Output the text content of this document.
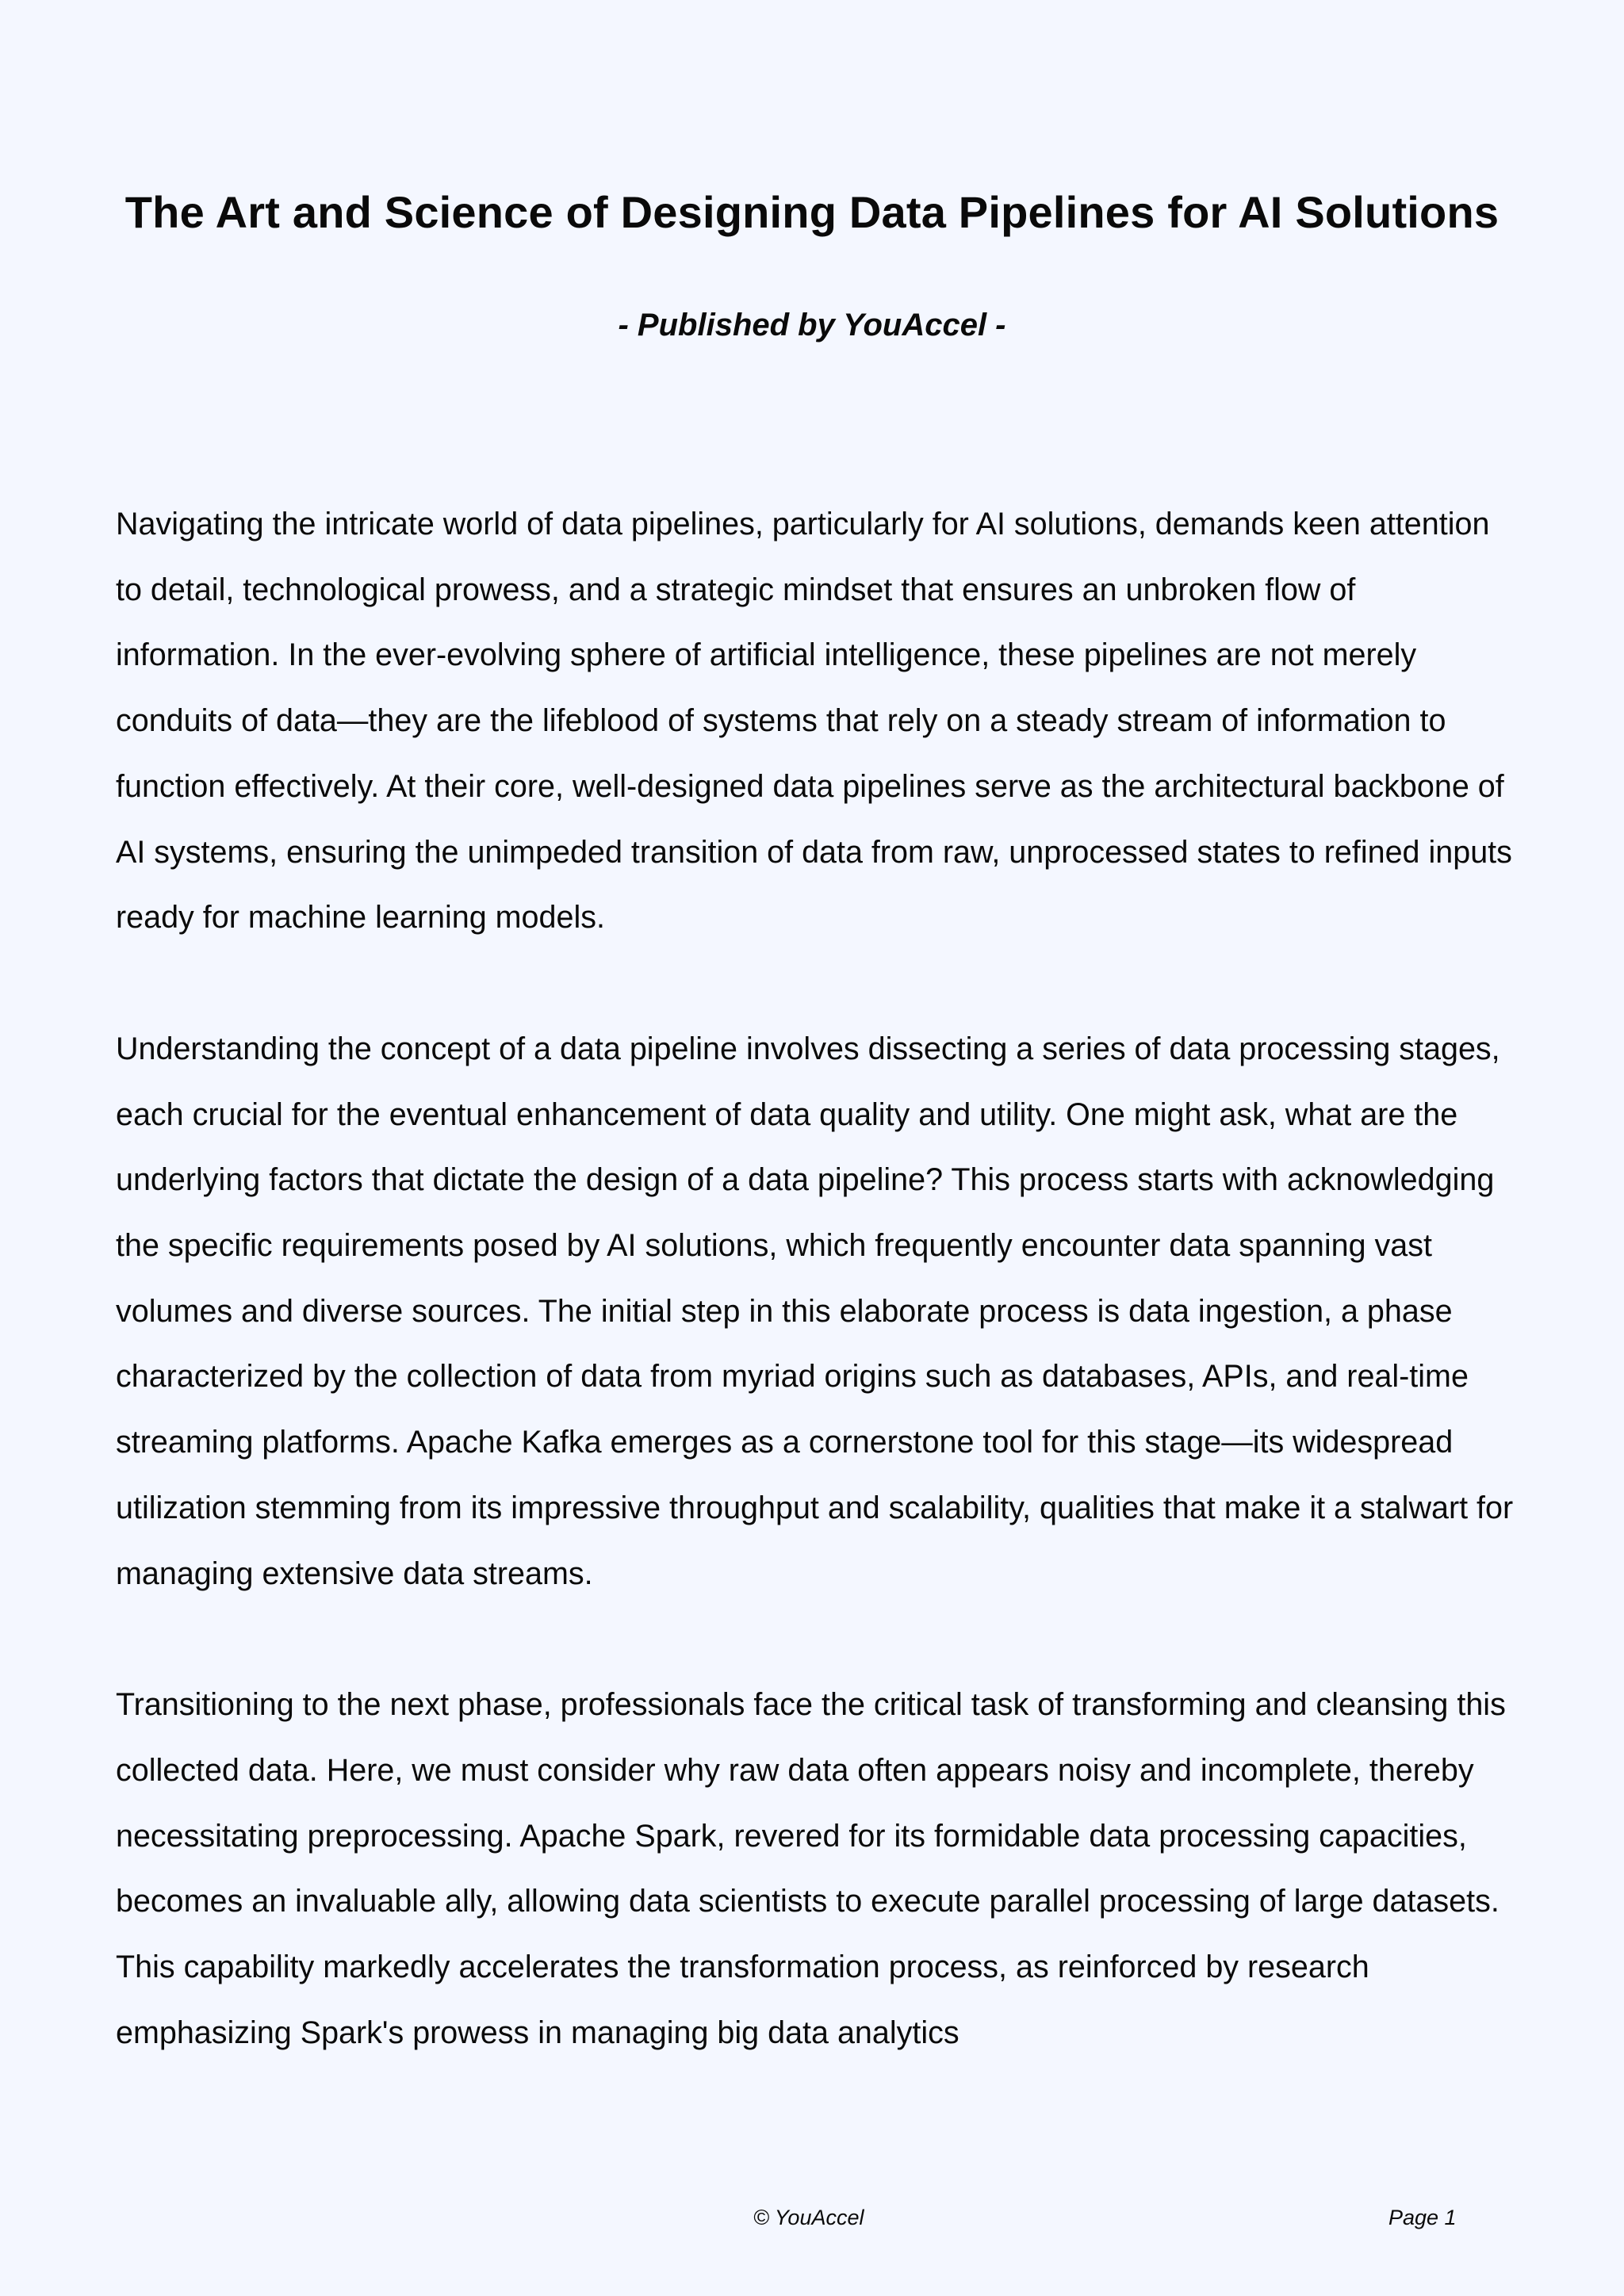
The Art and Science of Designing Data Pipelines for AI Solutions
- Published by YouAccel -

Navigating the intricate world of data pipelines, particularly for AI solutions, demands keen attention to detail, technological prowess, and a strategic mindset that ensures an unbroken flow of information. In the ever-evolving sphere of artificial intelligence, these pipelines are not merely conduits of data—they are the lifeblood of systems that rely on a steady stream of information to function effectively. At their core, well-designed data pipelines serve as the architectural backbone of AI systems, ensuring the unimpeded transition of data from raw, unprocessed states to refined inputs ready for machine learning models.

Understanding the concept of a data pipeline involves dissecting a series of data processing stages, each crucial for the eventual enhancement of data quality and utility. One might ask, what are the underlying factors that dictate the design of a data pipeline? This process starts with acknowledging the specific requirements posed by AI solutions, which frequently encounter data spanning vast volumes and diverse sources. The initial step in this elaborate process is data ingestion, a phase characterized by the collection of data from myriad origins such as databases, APIs, and real-time streaming platforms. Apache Kafka emerges as a cornerstone tool for this stage—its widespread utilization stemming from its impressive throughput and scalability, qualities that make it a stalwart for managing extensive data streams.

Transitioning to the next phase, professionals face the critical task of transforming and cleansing this collected data. Here, we must consider why raw data often appears noisy and incomplete, thereby necessitating preprocessing. Apache Spark, revered for its formidable data processing capacities, becomes an invaluable ally, allowing data scientists to execute parallel processing of large datasets. This capability markedly accelerates the transformation process, as reinforced by research emphasizing Spark's prowess in managing big data analytics

© YouAccel	Page 1
